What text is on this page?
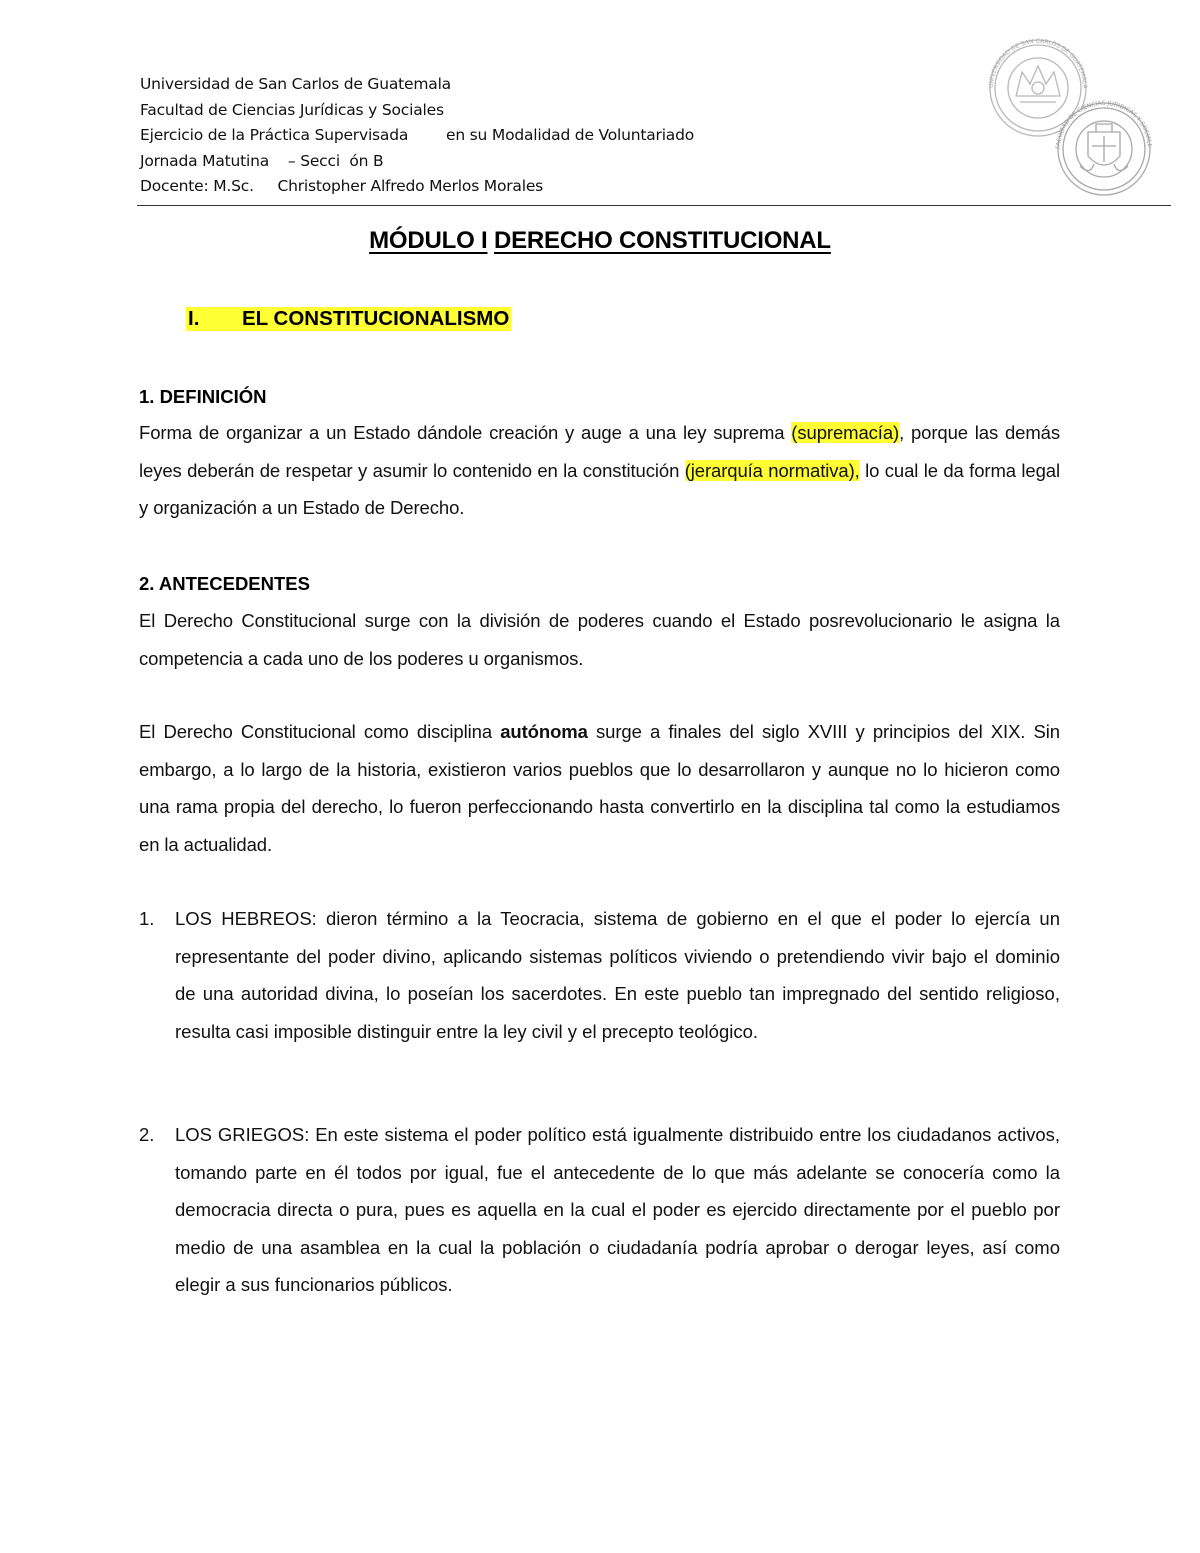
Universidad de San Carlos de Guatemala
Facultad de Ciencias Jurídicas y Sociales
Ejercicio de la Práctica Supervisada        en su Modalidad de Voluntariado
Jornada Matutina    – Secci  ón B
Docente: M.Sc.     Christopher Alfredo Merlos Morales
UNIVERSIDAD DE SAN CARLOS DE GUATEMALA
FACULTAD DE CIENCIAS JURIDICAS Y SOCIAL
MÓDULO I DERECHO CONSTITUCIONAL
I. EL CONSTITUCIONALISMO
1. DEFINICIÓN
Forma de organizar a un Estado dándole creación y auge a una ley suprema (supremacía), porque las demás leyes deberán de respetar y asumir lo contenido en la constitución (jerarquía normativa), lo cual le da forma legal y organización a un Estado de Derecho.
2. ANTECEDENTES
El Derecho Constitucional surge con la división de poderes cuando el Estado posrevolucionario le asigna la competencia a cada uno de los poderes u organismos.
El Derecho Constitucional como disciplina autónoma surge a finales del siglo XVIII y principios del XIX. Sin embargo, a lo largo de la historia, existieron varios pueblos que lo desarrollaron y aunque no lo hicieron como una rama propia del derecho, lo fueron perfeccionando hasta convertirlo en la disciplina tal como la estudiamos en la actualidad.
1. LOS HEBREOS: dieron término a la Teocracia, sistema de gobierno en el que el poder lo ejercía un representante del poder divino, aplicando sistemas políticos viviendo o pretendiendo vivir bajo el dominio de una autoridad divina, lo poseían los sacerdotes. En este pueblo tan impregnado del sentido religioso, resulta casi imposible distinguir entre la ley civil y el precepto teológico.
2. LOS GRIEGOS: En este sistema el poder político está igualmente distribuido entre los ciudadanos activos, tomando parte en él todos por igual, fue el antecedente de lo que más adelante se conocería como la democracia directa o pura, pues es aquella en la cual el poder es ejercido directamente por el pueblo por medio de una asamblea en la cual la población o ciudadanía podría aprobar o derogar leyes, así como elegir a sus funcionarios públicos.
